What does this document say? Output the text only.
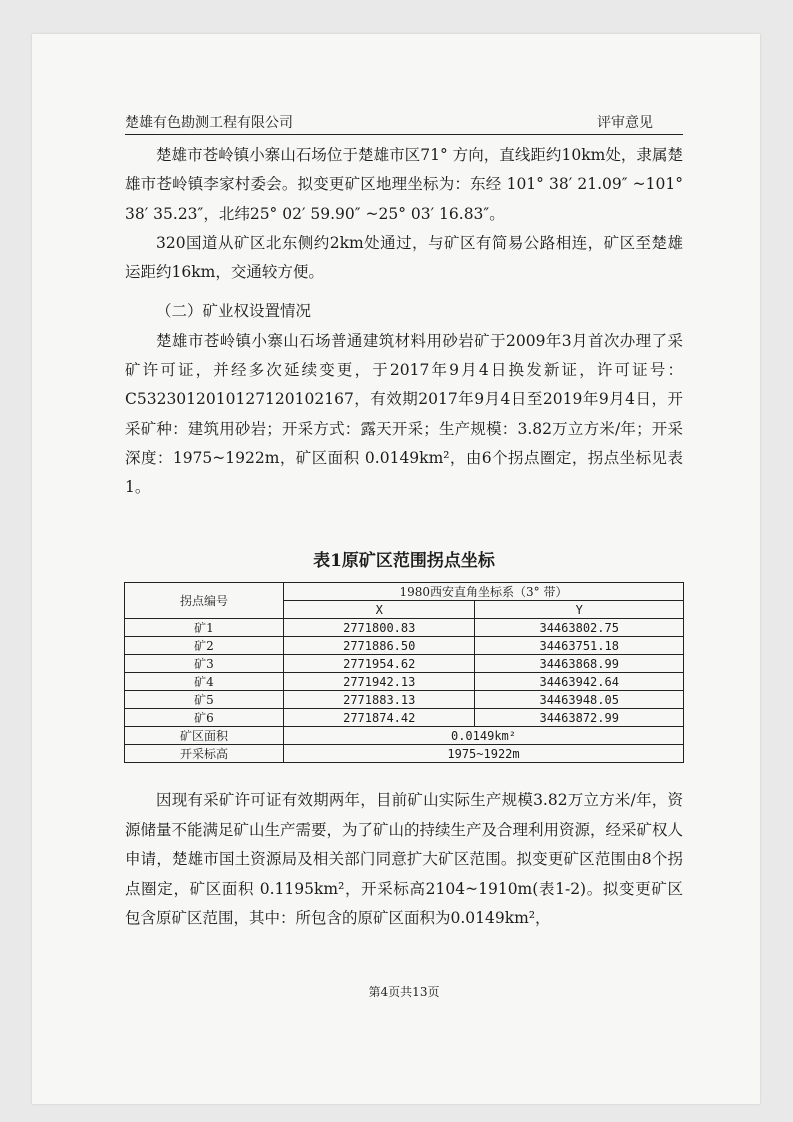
楚雄有色勘测工程有限公司	评审意见

楚雄市苍岭镇小寨山石场位于楚雄市区71° 方向，直线距约10km处，隶属楚雄市苍岭镇李家村委会。拟变更矿区地理坐标为：东经 101° 38′ 21.09″ ~101° 38′ 35.23″，北纬25° 02′ 59.90″ ~25° 03′ 16.83″。

320国道从矿区北东侧约2km处通过，与矿区有简易公路相连，矿区至楚雄运距约16km，交通较方便。

（二）矿业权设置情况

楚雄市苍岭镇小寨山石场普通建筑材料用砂岩矿于2009年3月首次办理了采矿许可证，并经多次延续变更，于2017年9月4日换发新证，许可证号：C5323012010127120102167，有效期2017年9月4日至2019年9月4日，开采矿种：建筑用砂岩；开采方式：露天开采；生产规模：3.82万立方米/年；开采深度：1975~1922m，矿区面积 0.0149km²，由6个拐点圈定，拐点坐标见表1。

表1原矿区范围拐点坐标
拐点编号	1980西安直角坐标系（3° 带）	
	X	Y
矿1	2771800.83	34463802.75
矿2	2771886.50	34463751.18
矿3	2771954.62	34463868.99
矿4	2771942.13	34463942.64
矿5	2771883.13	34463948.05
矿6	2771874.42	34463872.99
矿区面积	0.0149km²	
开采标高	1975~1922m	

因现有采矿许可证有效期两年，目前矿山实际生产规模3.82万立方米/年，资源储量不能满足矿山生产需要，为了矿山的持续生产及合理利用资源，经采矿权人申请，楚雄市国土资源局及相关部门同意扩大矿区范围。拟变更矿区范围由8个拐点圈定，矿区面积 0.1195km²，开采标高2104~1910m(表1-2)。拟变更矿区包含原矿区范围，其中：所包含的原矿区面积为0.0149km²，

第4页共13页
